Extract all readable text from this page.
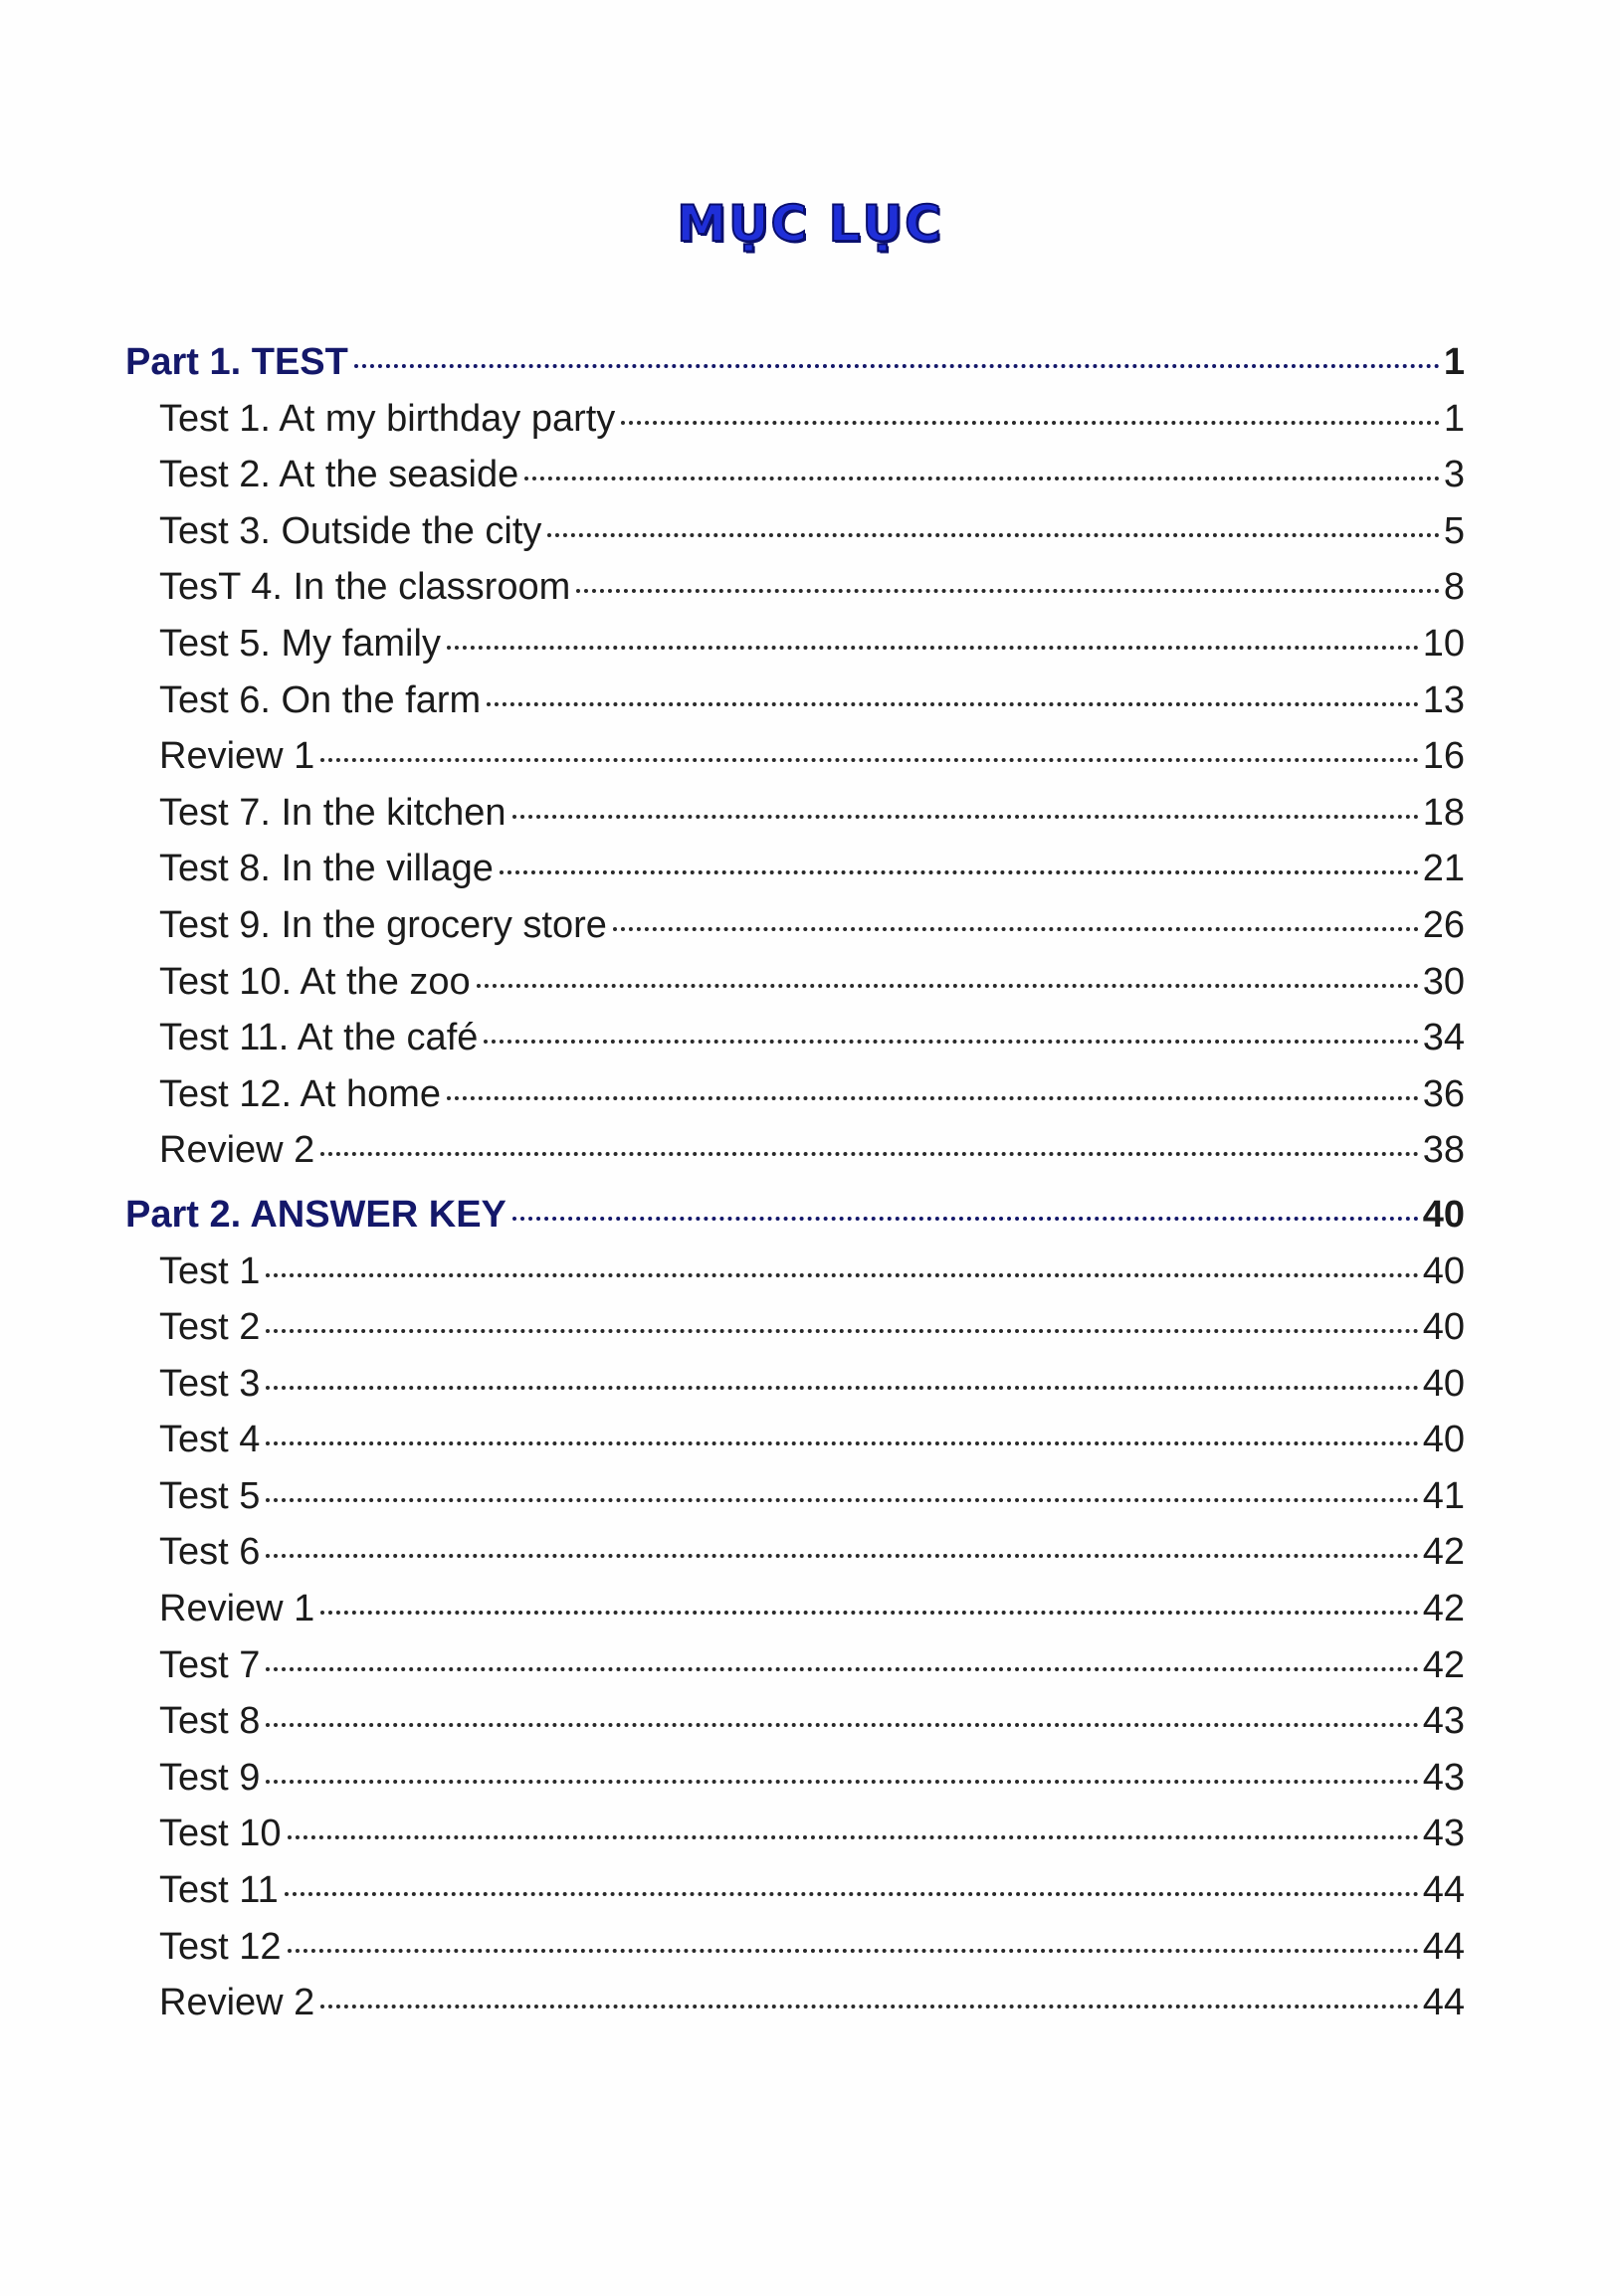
MỤC LỤC
Part 1. TEST	1
Test 1. At my birthday party	1
Test 2. At the seaside	3
Test 3. Outside the city	5
TesT 4. In the classroom	8
Test 5. My family	10
Test 6. On the farm	13
Review 1	16
Test 7. In the kitchen	18
Test 8. In the village	21
Test 9. In the grocery store	26
Test 10. At the zoo	30
Test 11. At the café	34
Test 12. At home	36
Review 2	38
Part 2. ANSWER KEY	40
Test 1	40
Test 2	40
Test 3	40
Test 4	40
Test 5	41
Test 6	42
Review 1	42
Test 7	42
Test 8	43
Test 9	43
Test 10	43
Test 11	44
Test 12	44
Review 2	44
